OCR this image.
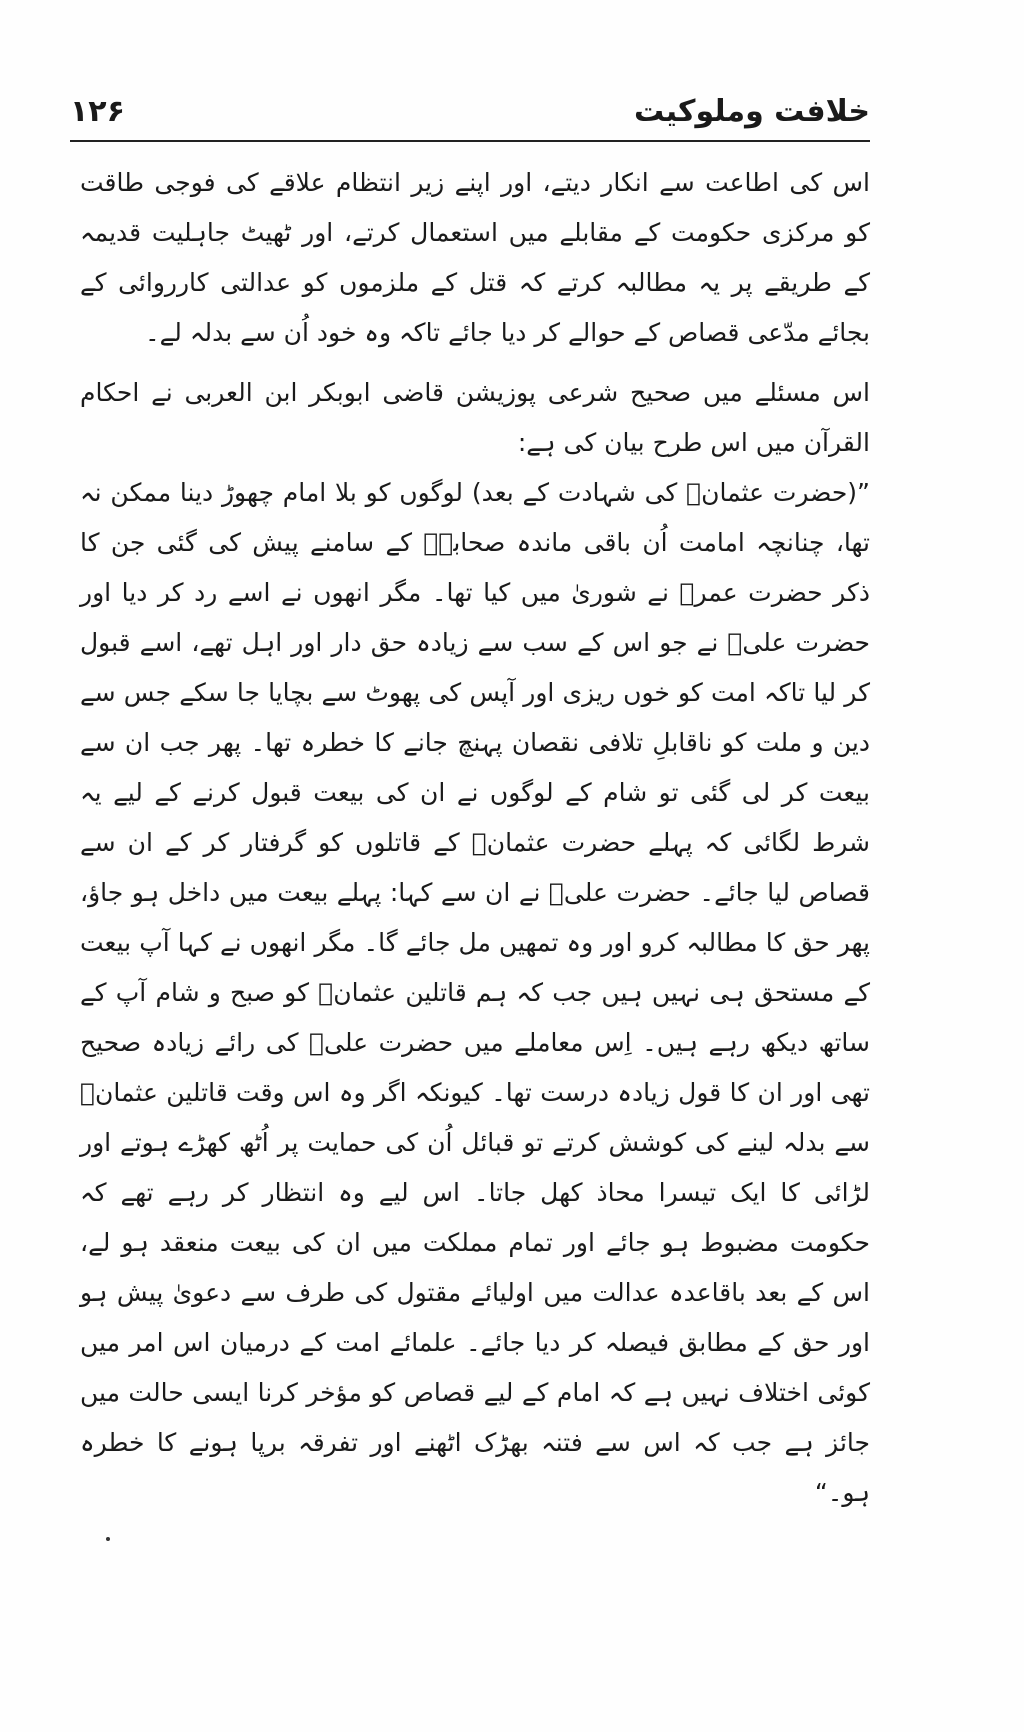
خلافت وملوکیت
۱۲۶

اس کی اطاعت سے انکار دیتے، اور اپنے زیر انتظام علاقے کی فوجی طاقت کو مرکزی حکومت کے مقابلے میں استعمال کرتے، اور ٹھیٹ جاہلیت قدیمہ کے طریقے پر یہ مطالبہ کرتے کہ قتل کے ملزموں کو عدالتی کارروائی کے بجائے مدّعی قصاص کے حوالے کر دیا جائے تاکہ وہ خود اُن سے بدلہ لے۔

اس مسئلے میں صحیح شرعی پوزیشن قاضی ابوبکر ابن العربی نے احکام القرآن میں اس طرح بیان کی ہے:

”(حضرت عثمانؓ کی شہادت کے بعد) لوگوں کو بلا امام چھوڑ دینا ممکن نہ تھا، چنانچہ امامت اُن باقی ماندہ صحابہؓ کے سامنے پیش کی گئی جن کا ذکر حضرت عمرؓ نے شوریٰ میں کیا تھا۔ مگر انھوں نے اسے رد کر دیا اور حضرت علیؓ نے جو اس کے سب سے زیادہ حق دار اور اہل تھے، اسے قبول کر لیا تاکہ امت کو خوں ریزی اور آپس کی پھوٹ سے بچایا جا سکے جس سے دین و ملت کو ناقابلِ تلافی نقصان پہنچ جانے کا خطرہ تھا۔ پھر جب ان سے بیعت کر لی گئی تو شام کے لوگوں نے ان کی بیعت قبول کرنے کے لیے یہ شرط لگائی کہ پہلے حضرت عثمانؓ کے قاتلوں کو گرفتار کر کے ان سے قصاص لیا جائے۔ حضرت علیؓ نے ان سے کہا: پہلے بیعت میں داخل ہو جاؤ، پھر حق کا مطالبہ کرو اور وہ تمھیں مل جائے گا۔ مگر انھوں نے کہا آپ بیعت کے مستحق ہی نہیں ہیں جب کہ ہم قاتلین عثمانؓ کو صبح و شام آپ کے ساتھ دیکھ رہے ہیں۔ اِس معاملے میں حضرت علیؓ کی رائے زیادہ صحیح تھی اور ان کا قول زیادہ درست تھا۔ کیونکہ اگر وہ اس وقت قاتلین عثمانؓ سے بدلہ لینے کی کوشش کرتے تو قبائل اُن کی حمایت پر اُٹھ کھڑے ہوتے اور لڑائی کا ایک تیسرا محاذ کھل جاتا۔ اس لیے وہ انتظار کر رہے تھے کہ حکومت مضبوط ہو جائے اور تمام مملکت میں ان کی بیعت منعقد ہو لے، اس کے بعد باقاعدہ عدالت میں اولیائے مقتول کی طرف سے دعویٰ پیش ہو اور حق کے مطابق فیصلہ کر دیا جائے۔ علمائے امت کے درمیان اس امر میں کوئی اختلاف نہیں ہے کہ امام کے لیے قصاص کو مؤخر کرنا ایسی حالت میں جائز ہے جب کہ اس سے فتنہ بھڑک اٹھنے اور تفرقہ برپا ہونے کا خطرہ ہو۔“
